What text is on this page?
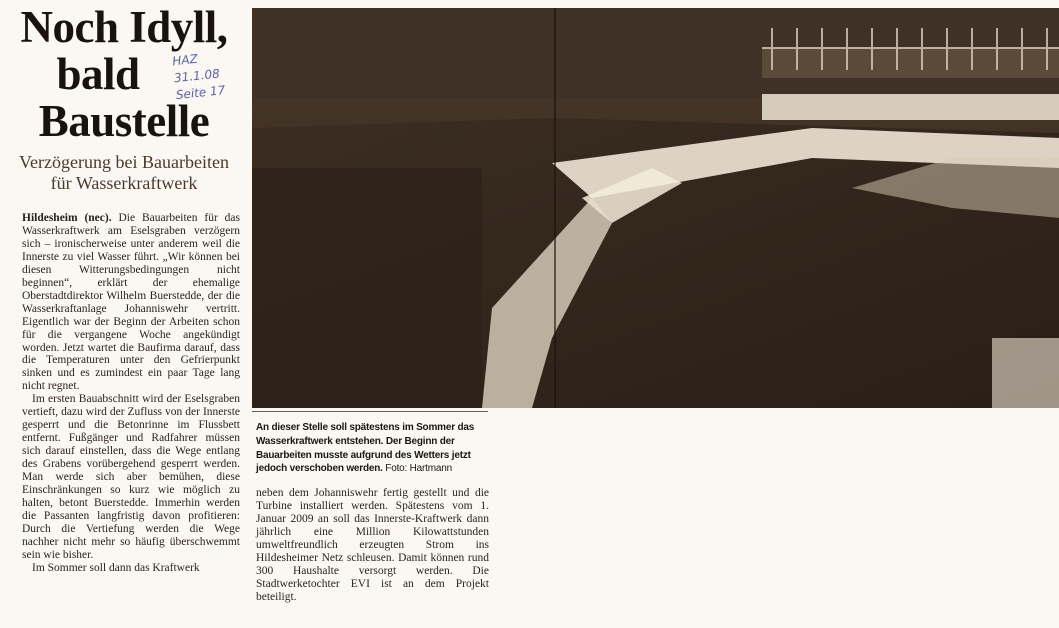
Noch Idyll,
bald
Baustelle
HAZ
31.1.08
Seite 17
Verzögerung bei Bauarbeiten
für Wasserkraftwerk

Hildesheim (nec). Die Bauarbeiten für das Wasserkraftwerk am Eselsgraben verzögern sich – ironischerweise unter anderem weil die Innerste zu viel Wasser führt. „Wir können bei diesen Witterungsbedingungen nicht beginnen“, erklärt der ehemalige Oberstadtdirektor Wilhelm Buerstedde, der die Wasserkraftanlage Johanniswehr vertritt. Eigentlich war der Beginn der Arbeiten schon für die vergangene Woche angekündigt worden. Jetzt wartet die Baufirma darauf, dass die Temperaturen unter den Gefrierpunkt sinken und es zumindest ein paar Tage lang nicht regnet.

Im ersten Bauabschnitt wird der Eselsgraben vertieft, dazu wird der Zufluss von der Innerste gesperrt und die Betonrinne im Flussbett entfernt. Fußgänger und Radfahrer müssen sich darauf einstellen, dass die Wege entlang des Grabens vorübergehend gesperrt werden. Man werde sich aber bemühen, diese Einschränkungen so kurz wie möglich zu halten, betont Buerstedde. Immerhin werden die Passanten langfristig davon profitieren: Durch die Vertiefung werden die Wege nachher nicht mehr so häufig überschwemmt sein wie bisher.

Im Sommer soll dann das Kraftwerk

An dieser Stelle soll spätestens im Sommer das Wasserkraftwerk entstehen. Der Beginn der Bauarbeiten musste aufgrund des Wetters jetzt jedoch verschoben werden. Foto: Hartmann

neben dem Johanniswehr fertig gestellt und die Turbine installiert werden. Spätestens vom 1. Januar 2009 an soll das Innerste-Kraftwerk dann jährlich eine Million Kilowattstunden umweltfreundlich erzeugten Strom ins Hildesheimer Netz schleusen. Damit können rund 300 Haushalte versorgt werden. Die Stadtwerketochter EVI ist an dem Projekt beteiligt.
